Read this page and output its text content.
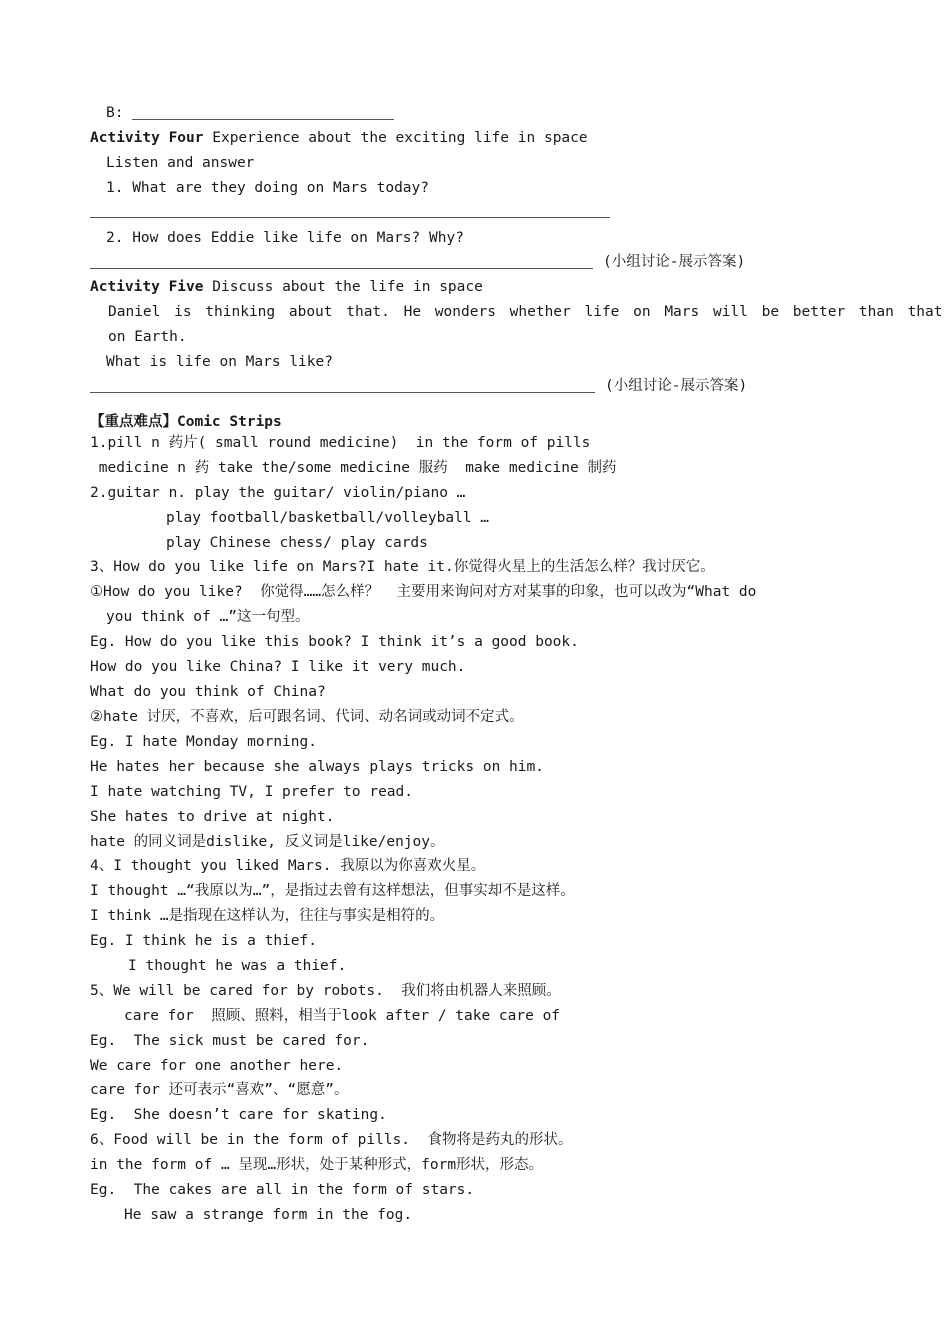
B:
Activity Four Experience about the exciting life in space
Listen and answer
1. What are they doing on Mars today?
2. How does Eddie like life on Mars? Why?
(小组讨论-展示答案)
Activity Five Discuss about the life in space
Daniel is thinking about that. He wonders whether life on Mars will be better than that
on Earth.
What is life on Mars like?
(小组讨论-展示答案)
【重点难点】Comic Strips
1.pill n 药片( small round medicine)  in the form of pills
medicine n 药 take the/some medicine 服药  make medicine 制药
2.guitar n. play the guitar/ violin/piano …
play football/basketball/volleyball …
play Chinese chess/ play cards
3、How do you like life on Mars?I hate it.你觉得火星上的生活怎么样？我讨厌它。
①How do you like?  你觉得……怎么样？  主要用来询问对方对某事的印象，也可以改为“What do
you think of …”这一句型。
Eg. How do you like this book? I think it’s a good book.
How do you like China? I like it very much.
What do you think of China?
②hate 讨厌，不喜欢，后可跟名词、代词、动名词或动词不定式。
Eg. I hate Monday morning.
He hates her because she always plays tricks on him.
I hate watching TV, I prefer to read.
She hates to drive at night.
hate 的同义词是dislike, 反义词是like/enjoy。
4、I thought you liked Mars. 我原以为你喜欢火星。
I thought …“我原以为…”，是指过去曾有这样想法，但事实却不是这样。
I think …是指现在这样认为，往往与事实是相符的。
Eg. I think he is a thief.
I thought he was a thief.
5、We will be cared for by robots.  我们将由机器人来照顾。
care for  照顾、照料，相当于look after / take care of
Eg.  The sick must be cared for.
We care for one another here.
care for 还可表示“喜欢”、“愿意”。
Eg.  She doesn’t care for skating.
6、Food will be in the form of pills.  食物将是药丸的形状。
in the form of … 呈现…形状，处于某种形式，form形状，形态。
Eg.  The cakes are all in the form of stars.
He saw a strange form in the fog.
